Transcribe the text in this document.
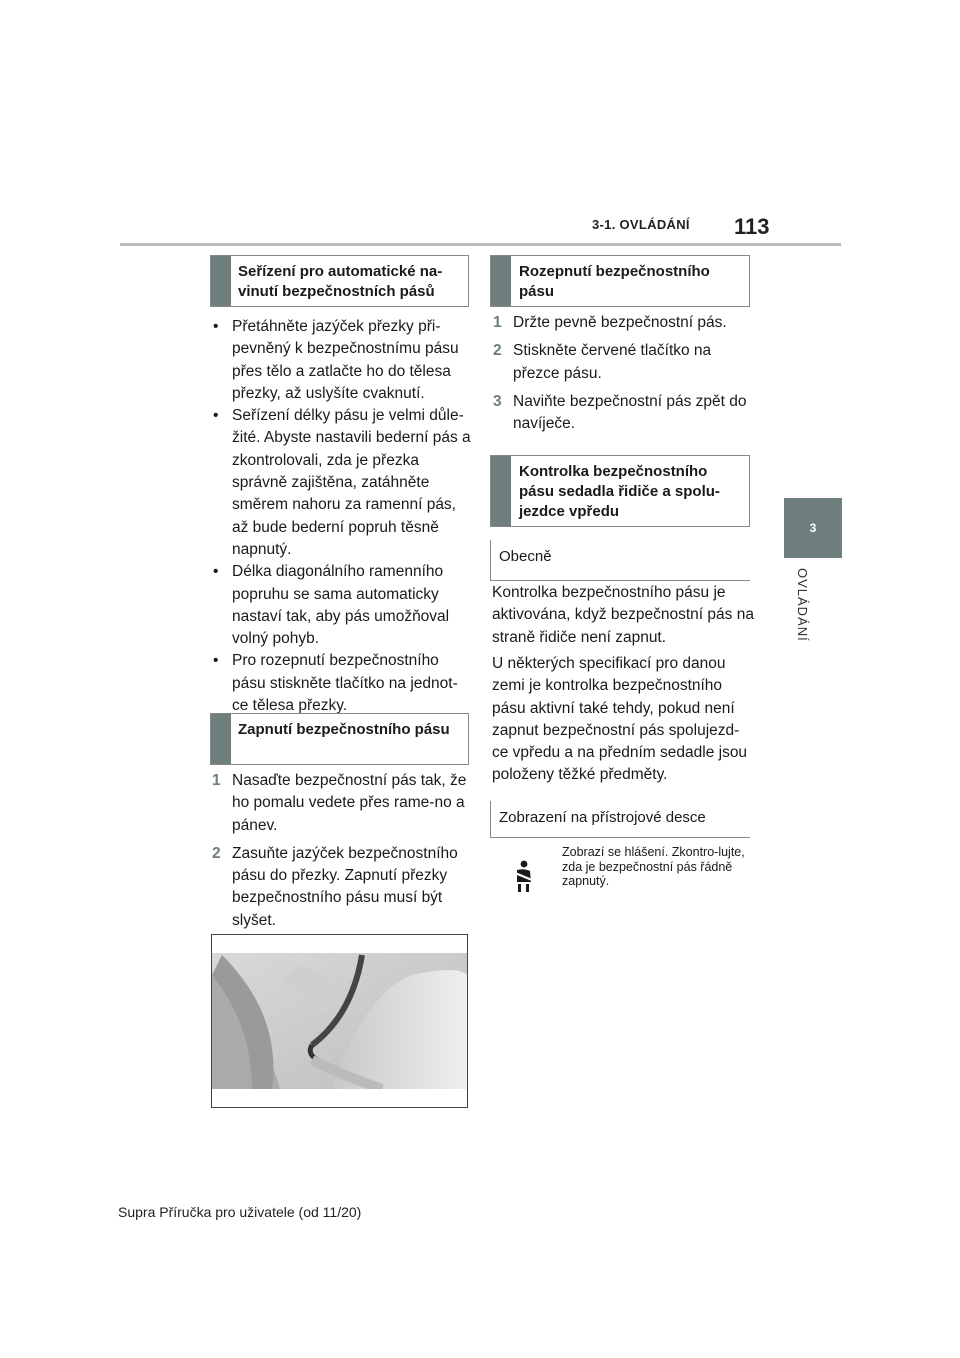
3-1. OVLÁDÁNÍ 113
3
OVLÁDÁNÍ
Seřízení pro automatické na-vinutí bezpečnostních pásů
• Přetáhněte jazýček přezky při-pevněný k bezpečnostnímu pásu přes tělo a zatlačte ho do tělesa přezky, až uslyšíte cvaknutí.
• Seřízení délky pásu je velmi důle-žité. Abyste nastavili bederní pás a zkontrolovali, zda je přezka správně zajištěna, zatáhněte směrem nahoru za ramenní pás, až bude bederní popruh těsně napnutý.
• Délka diagonálního ramenního popruhu se sama automaticky nastaví tak, aby pás umožňoval volný pohyb.
• Pro rozepnutí bezpečnostního pásu stiskněte tlačítko na jednot-ce tělesa přezky.
Zapnutí bezpečnostního pásu
1 Nasaďte bezpečnostní pás tak, že ho pomalu vedete přes rame-no a pánev.
2 Zasuňte jazýček bezpečnostního pásu do přezky. Zapnutí přezky bezpečnostního pásu musí být slyšet.
Rozepnutí bezpečnostního pásu
1 Držte pevně bezpečnostní pás.
2 Stiskněte červené tlačítko na přezce pásu.
3 Naviňte bezpečnostní pás zpět do navíječe.
Kontrolka bezpečnostního pásu sedadla řidiče a spolu-jezdce vpředu
Obecně
Kontrolka bezpečnostního pásu je aktivována, když bezpečnostní pás na straně řidiče není zapnut.
U některých specifikací pro danou zemi je kontrolka bezpečnostního pásu aktivní také tehdy, pokud není zapnut bezpečnostní pás spolujezd-ce vpředu a na předním sedadle jsou položeny těžké předměty.
Zobrazení na přístrojové desce
Zobrazí se hlášení. Zkontro-lujte, zda je bezpečnostní pás řádně zapnutý.
Supra Příručka pro uživatele (od 11/20)
